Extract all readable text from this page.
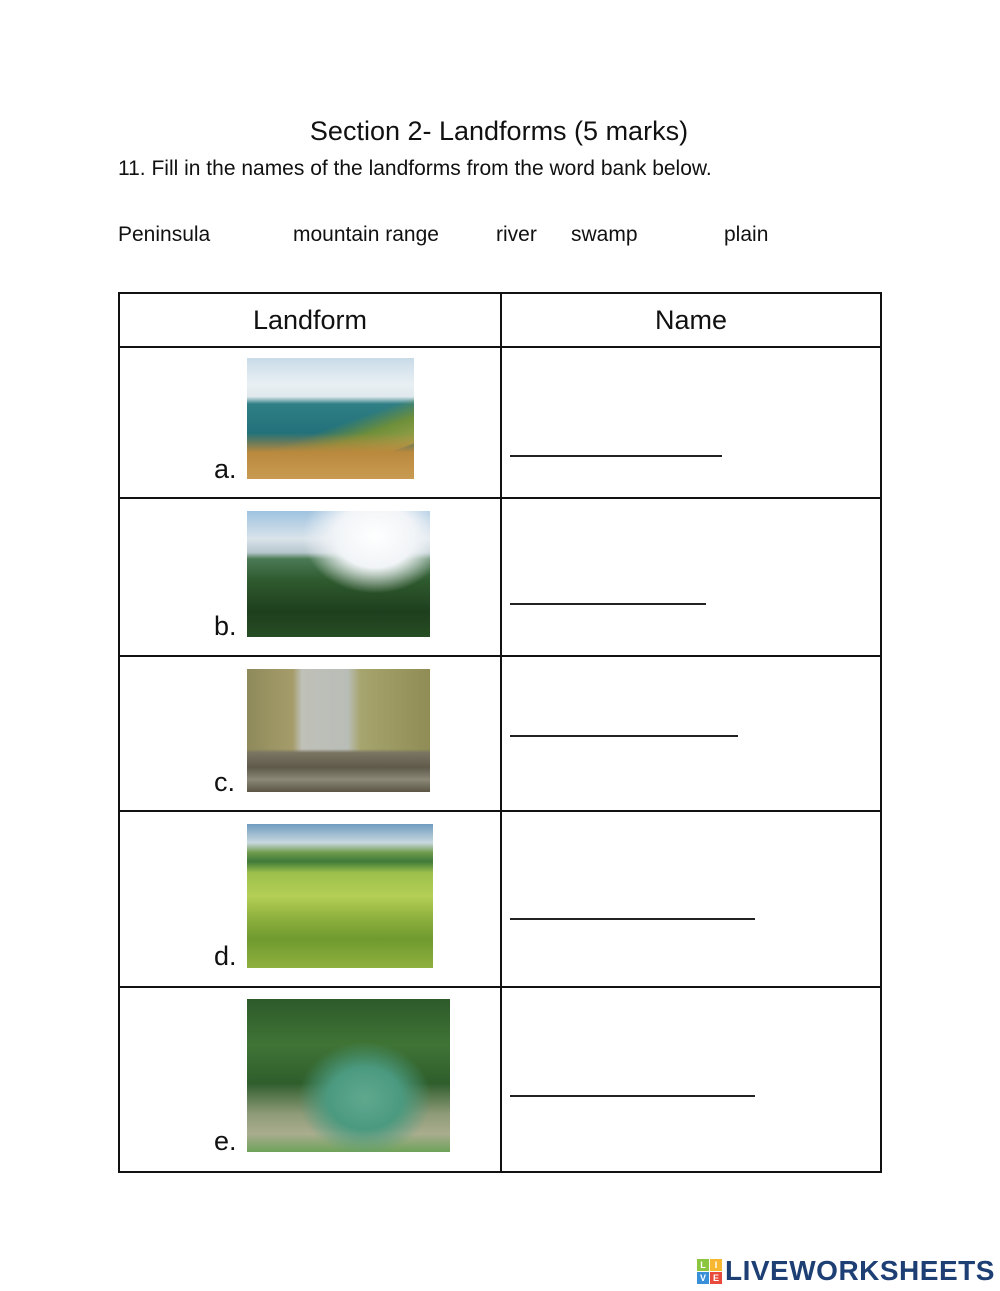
Section 2- Landforms (5 marks)
11. Fill in the names of the landforms from the word bank below.
Peninsula	mountain range	river swamp	plain
Landform	Name

a.	

b.	

c.	

d.	

e.	

L I
V E LIVEWORKSHEETS
